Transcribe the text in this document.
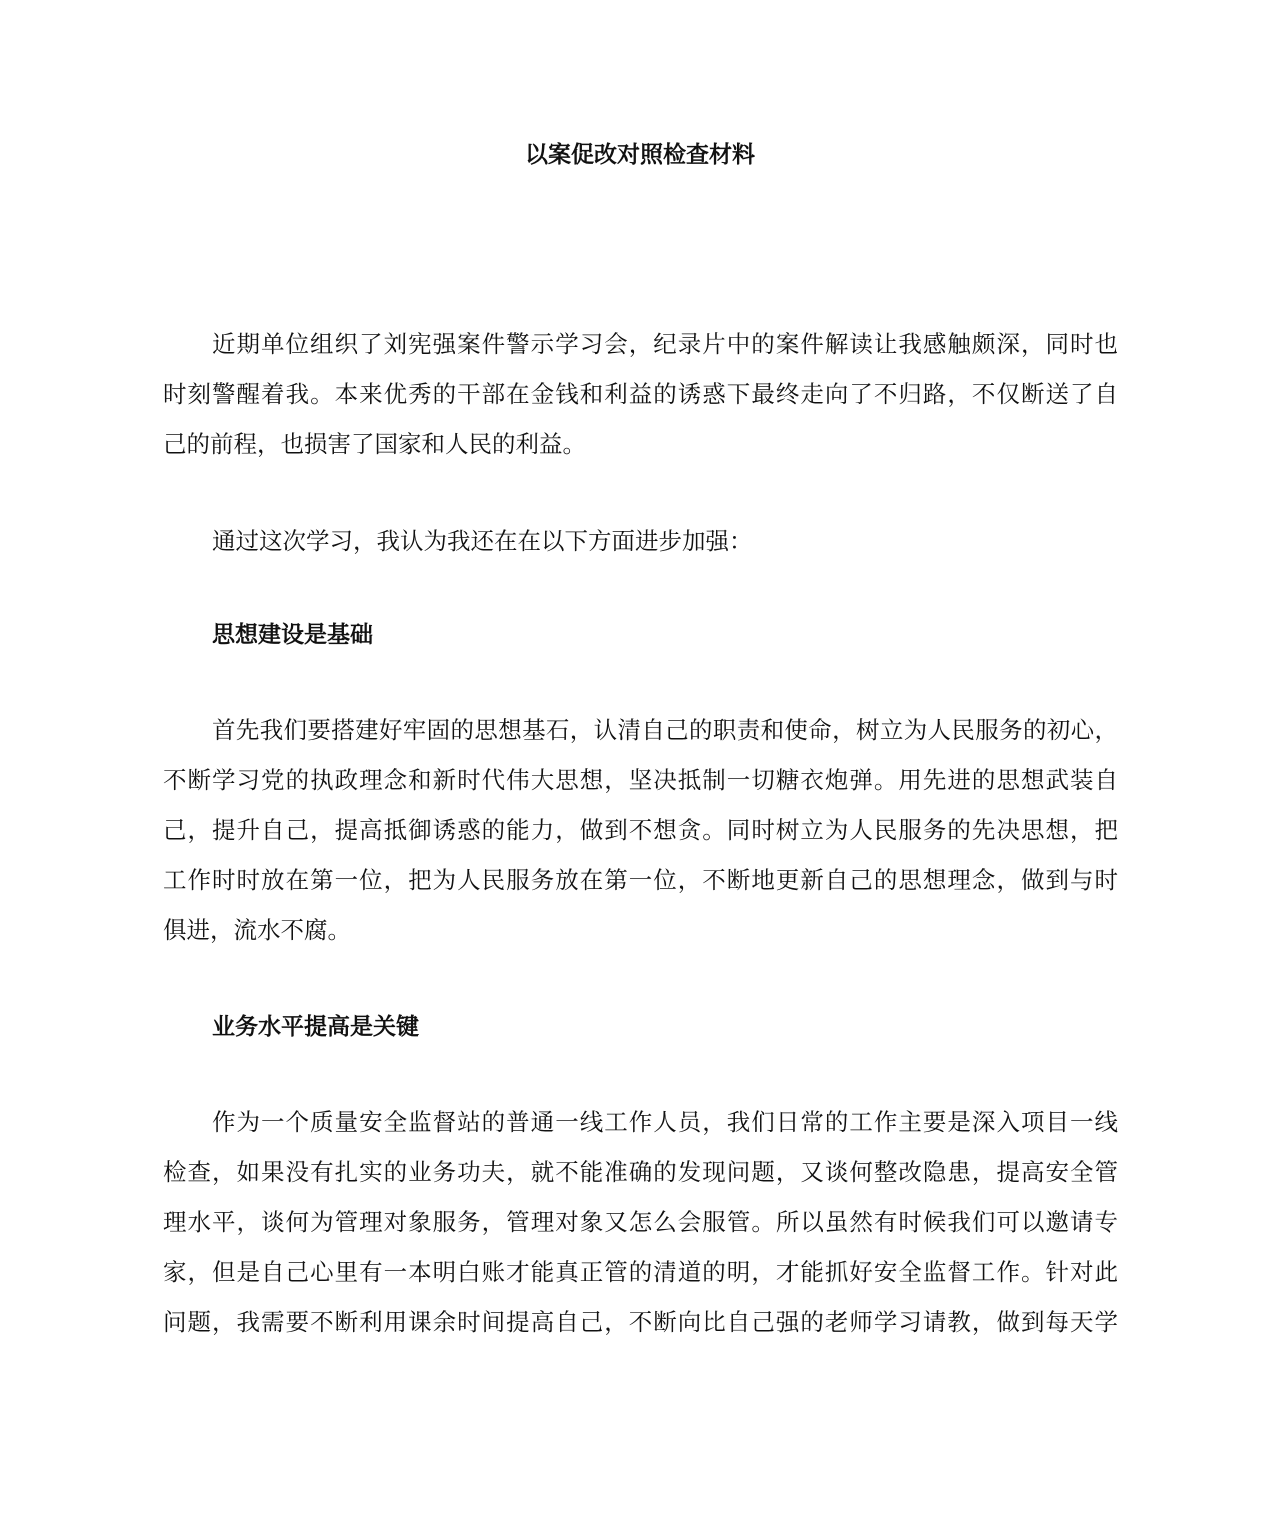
以案促改对照检查材料
近期单位组织了刘宪强案件警示学习会，纪录片中的案件解读让我感触颇深，同时也
时刻警醒着我。本来优秀的干部在金钱和利益的诱惑下最终走向了不归路，不仅断送了自
己的前程，也损害了国家和人民的利益。
通过这次学习，我认为我还在在以下方面进步加强：
思想建设是基础
首先我们要搭建好牢固的思想基石，认清自己的职责和使命，树立为人民服务的初心，
不断学习党的执政理念和新时代伟大思想，坚决抵制一切糖衣炮弹。用先进的思想武装自
己，提升自己，提高抵御诱惑的能力，做到不想贪。同时树立为人民服务的先决思想，把
工作时时放在第一位，把为人民服务放在第一位，不断地更新自己的思想理念，做到与时
俱进，流水不腐。
业务水平提高是关键
作为一个质量安全监督站的普通一线工作人员，我们日常的工作主要是深入项目一线
检查，如果没有扎实的业务功夫，就不能准确的发现问题，又谈何整改隐患，提高安全管
理水平，谈何为管理对象服务，管理对象又怎么会服管。所以虽然有时候我们可以邀请专
家，但是自己心里有一本明白账才能真正管的清道的明，才能抓好安全监督工作。针对此
问题，我需要不断利用课余时间提高自己，不断向比自己强的老师学习请教，做到每天学
